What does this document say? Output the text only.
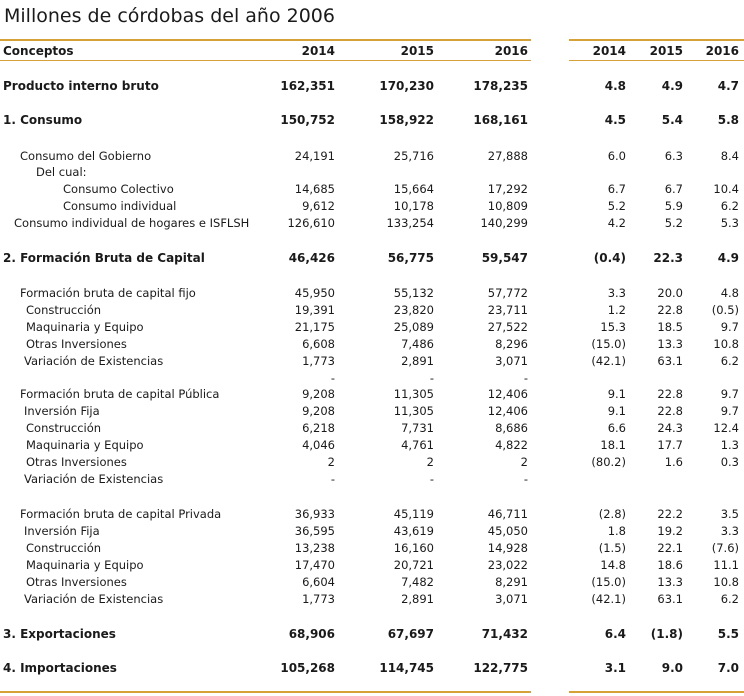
Millones de córdobas del año 2006
Conceptos	2014	2015	2016	2014 2015 2016
Producto interno bruto	162,351	170,230	178,235	4.8	4.9	4.7
1. Consumo	150,752	158,922	168,161	4.5	5.4	5.8
Consumo del Gobierno	24,191	25,716	27,888	6.0	6.3	8.4
Del cual:
Consumo Colectivo	14,685	15,664	17,292	6.7	6.7	10.4
Consumo individual	9,612	10,178	10,809	5.2	5.9	6.2
Consumo individual de hogares e ISFLSH	126,610	133,254	140,299	4.2	5.2	5.3
2. Formación Bruta de Capital	46,426	56,775	59,547	(0.4) 22.3	4.9
Formación bruta de capital fijo	45,950	55,132	57,772	3.3	20.0	4.8
Construcción	19,391	23,820	23,711	1.2	22.8 (0.5)
Maquinaria y Equipo	21,175	25,089	27,522	15.3	18.5	9.7
Otras Inversiones	6,608	7,486	8,296	(15.0)	13.3	10.8
Variación de Existencias	1,773	2,891	3,071	(42.1)	63.1	6.2
-	-	-
Formación bruta de capital Pública	9,208	11,305	12,406	9.1	22.8	9.7
Inversión Fija	9,208	11,305	12,406	9.1	22.8	9.7
Construcción	6,218	7,731	8,686	6.6	24.3	12.4
Maquinaria y Equipo	4,046	4,761	4,822	18.1	17.7	1.3
Otras Inversiones	2	2	2	(80.2)	1.6	0.3
Variación de Existencias	-	-	-
Formación bruta de capital Privada	36,933	45,119	46,711	(2.8)	22.2	3.5
Inversión Fija	36,595	43,619	45,050	1.8	19.2	3.3
Construcción	13,238	16,160	14,928	(1.5)	22.1 (7.6)
Maquinaria y Equipo	17,470	20,721	23,022	14.8	18.6	11.1
Otras Inversiones	6,604	7,482	8,291	(15.0)	13.3	10.8
Variación de Existencias	1,773	2,891	3,071	(42.1)	63.1	6.2
3. Exportaciones	68,906	67,697	71,432	6.4 (1.8)	5.5
4. Importaciones	105,268	114,745	122,775	3.1	9.0	7.0
